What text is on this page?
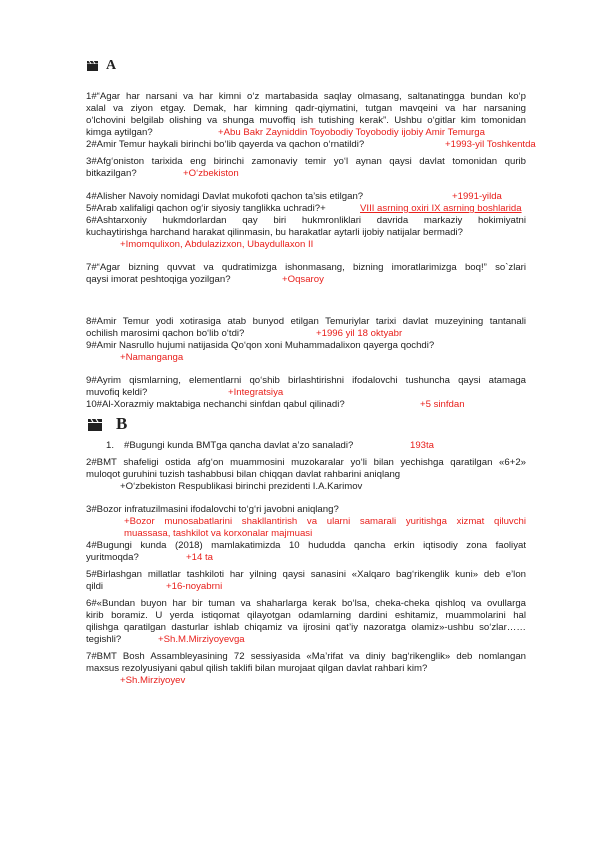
A
1#“Agar har narsani va har kimni o‘z martabasida saqlay olmasang, saltanatingga bundan ko‘p
xalal va ziyon etgay. Demak, har kimning qadr-qiymatini, tutgan mavqeini va har narsaning
o‘lchovini belgilab olishing va shunga muvoffiq ish tutishing kerak”. Ushbu o‘gitlar kim tomonidan
kimga aytilgan?	+Abu Bakr Zayniddin Toyobodiy Toyobodiy ijobiy Amir Temurga
2#Amir Temur haykali birinchi bo‘lib qayerda va qachon o‘rnatildi?	+1993-yil Toshkentda
3#Afg‘oniston tarixida eng birinchi zamonaviy temir yo‘l aynan qaysi davlat tomonidan qurib
bitkazilgan?	+O‘zbekiston
4#Alisher Navoiy nomidagi Davlat mukofoti qachon ta’sis etilgan?	+1991-yilda
5#Arab xalifaligi qachon og‘ir siyosiy tanglikka uchradi?+	VIII asrning oxiri IX asrning boshlarida
6#Ashtarxoniy hukmdorlardan qay biri hukmronliklari davrida markaziy hokimiyatni
kuchaytirishga harchand harakat qilinmasin, bu harakatlar aytarli ijobiy natijalar bermadi?
+Imomqulixon, Abdulazizxon, Ubaydullaxon II
7#“Agar bizning quvvat va qudratimizga ishonmasang, bizning imoratlarimizga boq!” so`zlari
qaysi imorat peshtoqiga yozilgan?	+Oqsaroy
8#Amir Temur yodi xotirasiga atab bunyod etilgan Temuriylar tarixi davlat muzeyining tantanali
ochilish marosimi qachon bo‘lib o‘tdi?	+1996 yil 18 oktyabr
9#Amir Nasrullo hujumi natijasida Qo‘qon xoni Muhammadalixon qayerga qochdi?
+Namanganga
9#Ayrim qismlarning, elementlarni qo‘shib birlashtirishni ifodalovchi tushuncha qaysi atamaga
muvofiq keldi?	+Integratsiya
10#Al-Xorazmiy maktabiga nechanchi sinfdan qabul qilinadi?	+5 sinfdan
B
1. #Bugungi kunda BMTga qancha davlat a’zo sanaladi?	193ta
2#BMT shafeligi ostida afg‘on muammosini muzokaralar yo‘li bilan yechishga qaratilgan «6+2»
muloqot guruhini tuzish tashabbusi bilan chiqqan davlat rahbarini aniqlang
+O‘zbekiston Respublikasi birinchi prezidenti I.A.Karimov
3#Bozor infratuzilmasini ifodalovchi to‘g‘ri javobni aniqlang?
+Bozor munosabatlarini shakllantirish va ularni samarali yuritishga xizmat qiluvchi
muassasa, tashkilot va korxonalar majmuasi
4#Bugungi kunda (2018) mamlakatimizda 10 hududda qancha erkin iqtisodiy zona faoliyat
yuritmoqda?	+14 ta
5#Birlashgan millatlar tashkiloti har yilning qaysi sanasini «Xalqaro bag‘rikenglik kuni» deb e’lon
qildi	+16-noyabrni
6#«Bundan buyon har bir tuman va shaharlarga kerak bo‘lsa, cheka-cheka qishloq va ovullarga
kirib boramiz. U yerda istiqomat qilayotgan odamlarning dardini eshitamiz, muammolarini hal
qilishga qaratilgan dasturlar ishlab chiqamiz va ijrosini qat’iy nazoratga olamiz»-ushbu so‘zlar……
tegishli?	+Sh.M.Mirziyoyevga
7#BMT Bosh Assambleyasining 72 sessiyasida «Ma’rifat va diniy bag‘rikenglik» deb nomlangan
maxsus rezolyusiyani qabul qilish taklifi bilan murojaat qilgan davlat rahbari kim?
+Sh.Mirziyoyev
